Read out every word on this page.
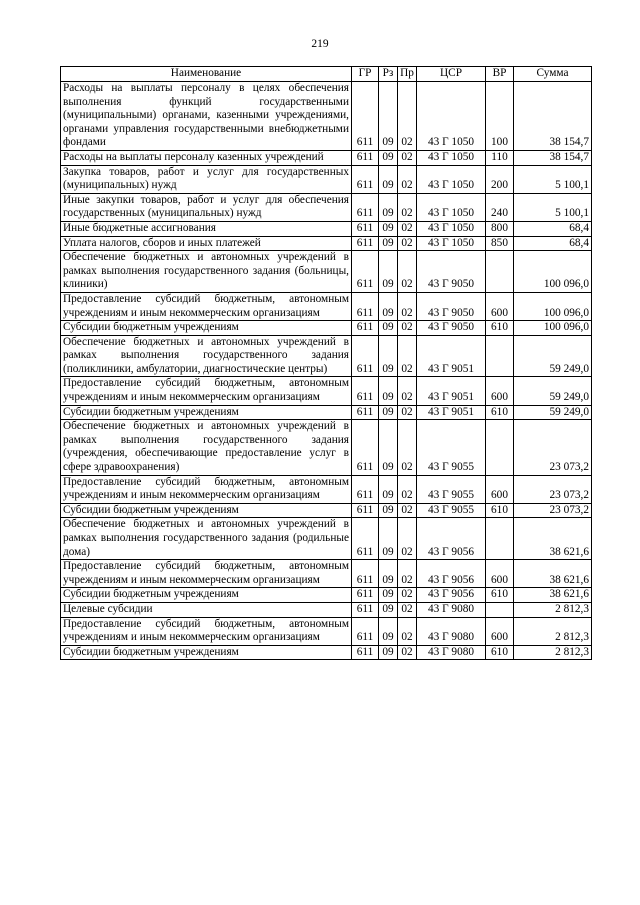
219
Наименование	ГР	Рз	Пр	ЦСР	ВР	Сумма
Расходы на выплаты персоналу в целях обеспечения выполнения функций государственными (муниципальными) органами, казенными учреждениями, органами управления государственными внебюджетными фондами	611	09	02	43 Г 1050	100	38 154,7
Расходы на выплаты персоналу казенных учреждений	611	09	02	43 Г 1050	110	38 154,7
Закупка товаров, работ и услуг для государственных (муниципальных) нужд	611	09	02	43 Г 1050	200	5 100,1
Иные закупки товаров, работ и услуг для обеспечения государственных (муниципальных) нужд	611	09	02	43 Г 1050	240	5 100,1
Иные бюджетные ассигнования	611	09	02	43 Г 1050	800	68,4
Уплата налогов, сборов и иных платежей	611	09	02	43 Г 1050	850	68,4
Обеспечение бюджетных и автономных учреждений в рамках выполнения государственного задания (больницы, клиники)	611	09	02	43 Г 9050		100 096,0
Предоставление субсидий бюджетным, автономным учреждениям и иным некоммерческим организациям	611	09	02	43 Г 9050	600	100 096,0
Субсидии бюджетным учреждениям	611	09	02	43 Г 9050	610	100 096,0
Обеспечение бюджетных и автономных учреждений в рамках выполнения государственного задания (поликлиники, амбулатории, диагностические центры)	611	09	02	43 Г 9051		59 249,0
Предоставление субсидий бюджетным, автономным учреждениям и иным некоммерческим организациям	611	09	02	43 Г 9051	600	59 249,0
Субсидии бюджетным учреждениям	611	09	02	43 Г 9051	610	59 249,0
Обеспечение бюджетных и автономных учреждений в рамках выполнения государственного задания (учреждения, обеспечивающие предоставление услуг в сфере здравоохранения)	611	09	02	43 Г 9055		23 073,2
Предоставление субсидий бюджетным, автономным учреждениям и иным некоммерческим организациям	611	09	02	43 Г 9055	600	23 073,2
Субсидии бюджетным учреждениям	611	09	02	43 Г 9055	610	23 073,2
Обеспечение бюджетных и автономных учреждений в рамках выполнения государственного задания (родильные дома)	611	09	02	43 Г 9056		38 621,6
Предоставление субсидий бюджетным, автономным учреждениям и иным некоммерческим организациям	611	09	02	43 Г 9056	600	38 621,6
Субсидии бюджетным учреждениям	611	09	02	43 Г 9056	610	38 621,6
Целевые субсидии	611	09	02	43 Г 9080		2 812,3
Предоставление субсидий бюджетным, автономным учреждениям и иным некоммерческим организациям	611	09	02	43 Г 9080	600	2 812,3
Субсидии бюджетным учреждениям	611	09	02	43 Г 9080	610	2 812,3
